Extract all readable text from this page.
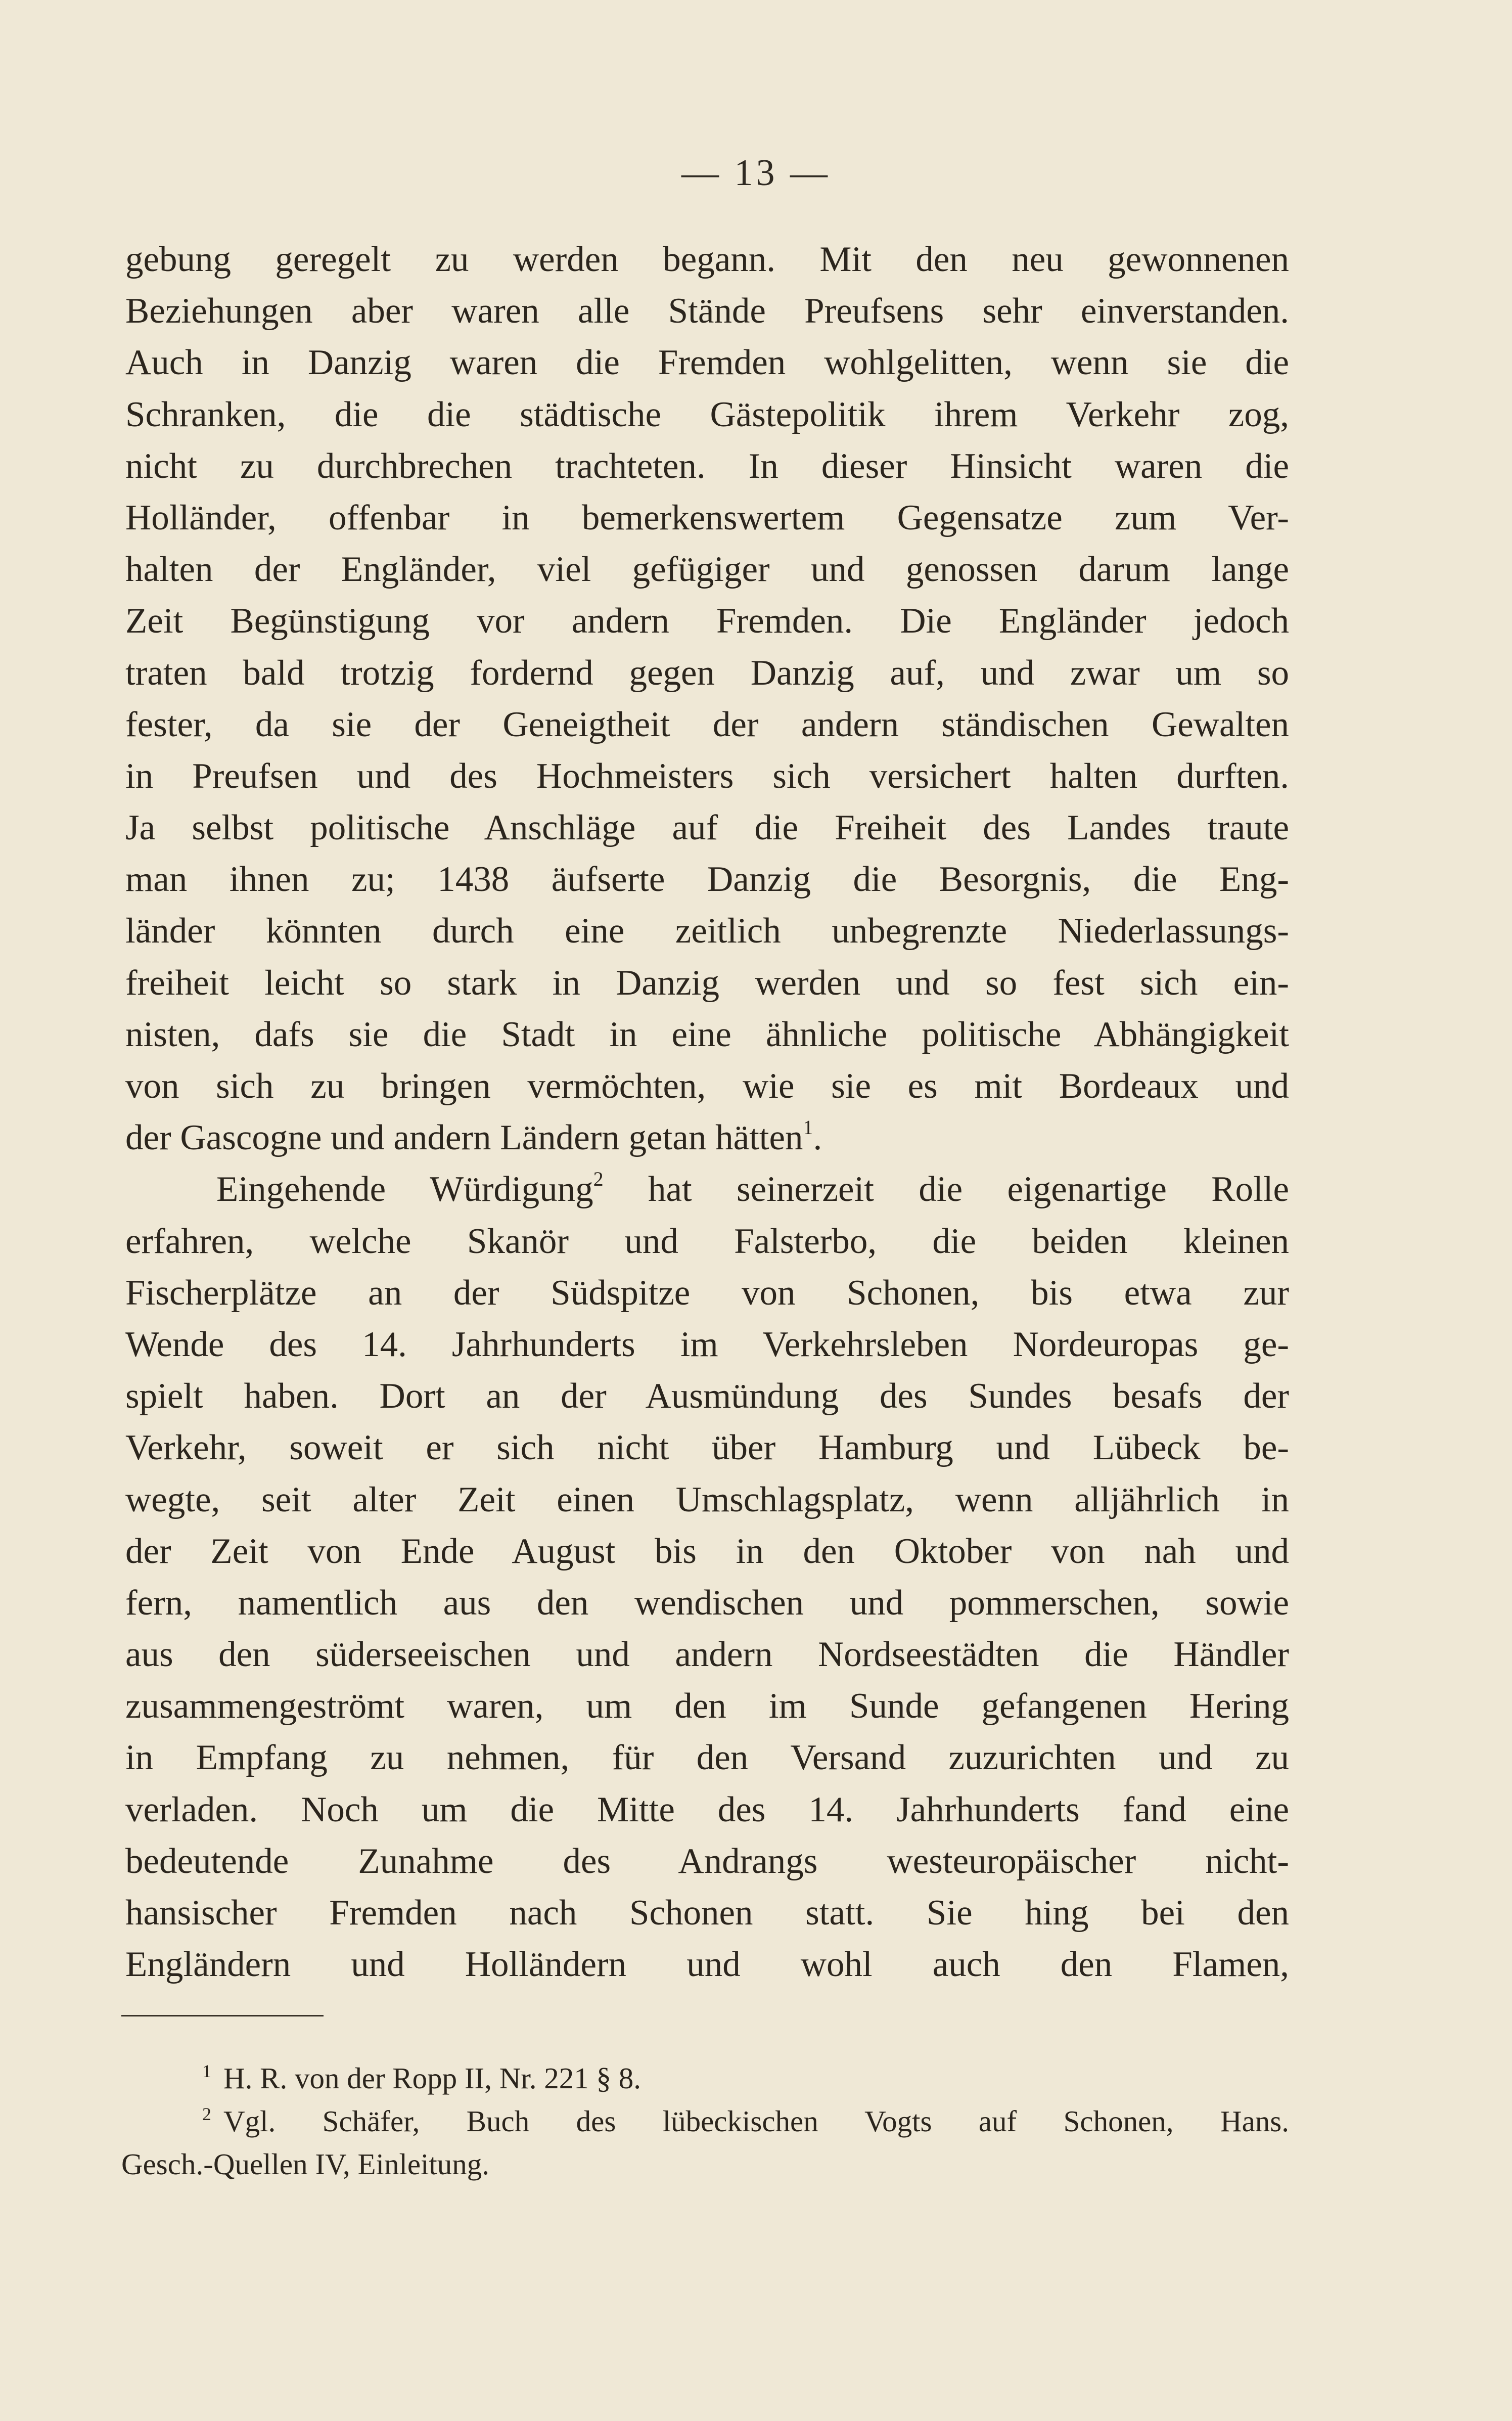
— 13 —
gebung geregelt zu werden begann. Mit den neu gewonnenen
Beziehungen aber waren alle Stände Preufsens sehr einverstanden.
Auch in Danzig waren die Fremden wohlgelitten, wenn sie die
Schranken, die die städtische Gästepolitik ihrem Verkehr zog,
nicht zu durchbrechen trachteten. In dieser Hinsicht waren die
Holländer, offenbar in bemerkenswertem Gegensatze zum Ver-
halten der Engländer, viel gefügiger und genossen darum lange
Zeit Begünstigung vor andern Fremden. Die Engländer jedoch
traten bald trotzig fordernd gegen Danzig auf, und zwar um so
fester, da sie der Geneigtheit der andern ständischen Gewalten
in Preufsen und des Hochmeisters sich versichert halten durften.
Ja selbst politische Anschläge auf die Freiheit des Landes traute
man ihnen zu; 1438 äufserte Danzig die Besorgnis, die Eng-
länder könnten durch eine zeitlich unbegrenzte Niederlassungs-
freiheit leicht so stark in Danzig werden und so fest sich ein-
nisten, dafs sie die Stadt in eine ähnliche politische Abhängigkeit
von sich zu bringen vermöchten, wie sie es mit Bordeaux und
der Gascogne und andern Ländern getan hätten$^1$.
Eingehende Würdigung$^2$ hat seinerzeit die eigenartige Rolle
erfahren, welche Skanör und Falsterbo, die beiden kleinen
Fischerplätze an der Südspitze von Schonen, bis etwa zur
Wende des 14. Jahrhunderts im Verkehrsleben Nordeuropas ge-
spielt haben. Dort an der Ausmündung des Sundes besafs der
Verkehr, soweit er sich nicht über Hamburg und Lübeck be-
wegte, seit alter Zeit einen Umschlagsplatz, wenn alljährlich in
der Zeit von Ende August bis in den Oktober von nah und
fern, namentlich aus den wendischen und pommerschen, sowie
aus den süderseeischen und andern Nordseestädten die Händler
zusammengeströmt waren, um den im Sunde gefangenen Hering
in Empfang zu nehmen, für den Versand zuzurichten und zu
verladen. Noch um die Mitte des 14. Jahrhunderts fand eine
bedeutende Zunahme des Andrangs westeuropäischer nicht-
hansischer Fremden nach Schonen statt. Sie hing bei den
Engländern und Holländern und wohl auch den Flamen,
$^1$ H. R. von der Ropp II, Nr. 221 § 8.
$^2$ Vgl. Schäfer, Buch des lübeckischen Vogts auf Schonen, Hans.
Gesch.-Quellen IV, Einleitung.
